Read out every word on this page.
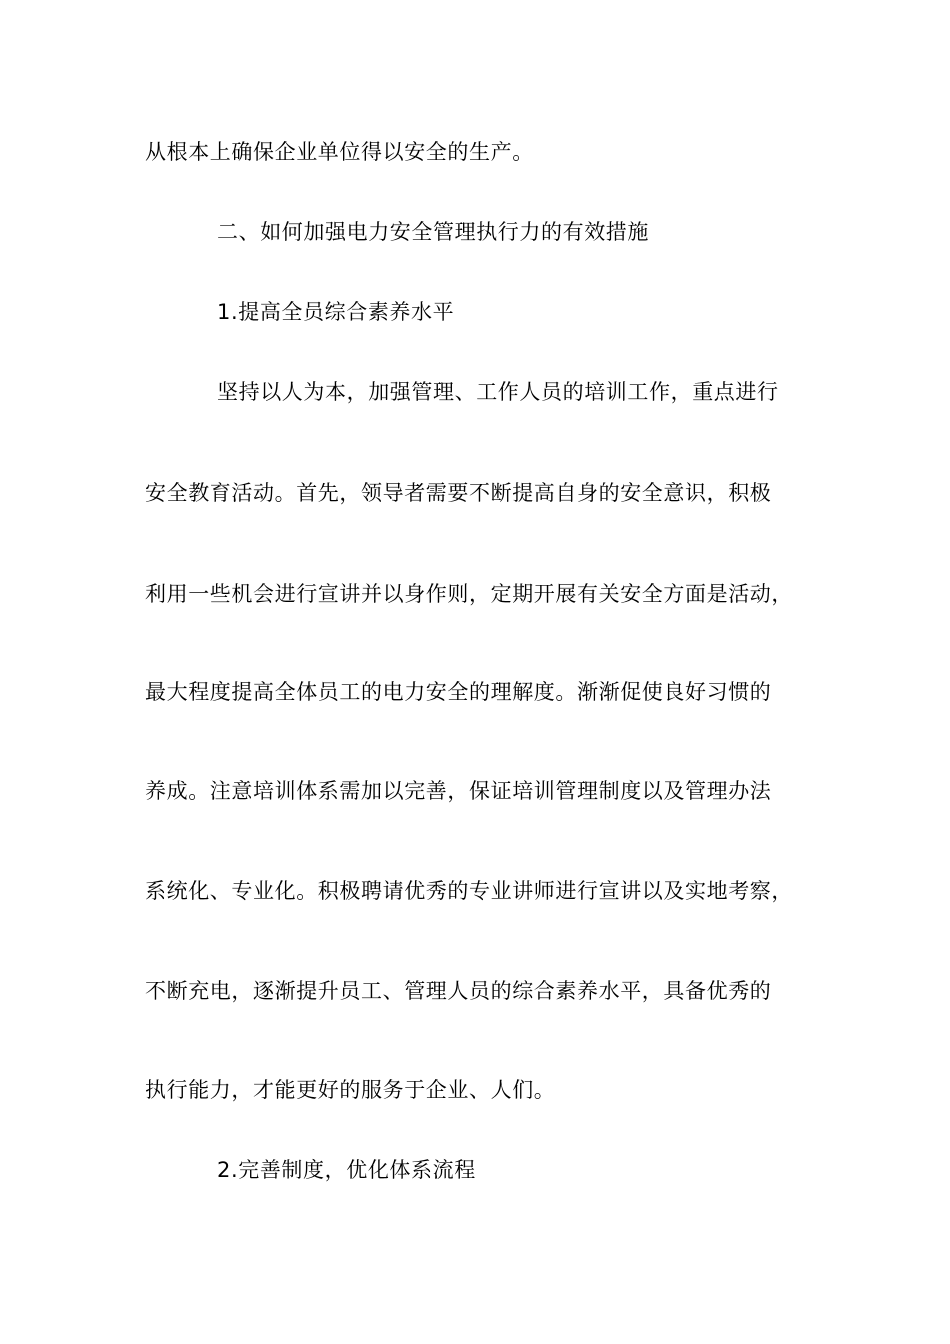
从根本上确保企业单位得以安全的生产。
二、如何加强电力安全管理执行力的有效措施
1.提高全员综合素养水平
坚持以人为本，加强管理、工作人员的培训工作，重点进行
安全教育活动。首先，领导者需要不断提高自身的安全意识，积极
利用一些机会进行宣讲并以身作则，定期开展有关安全方面是活动，
最大程度提高全体员工的电力安全的理解度。渐渐促使良好习惯的
养成。注意培训体系需加以完善，保证培训管理制度以及管理办法
系统化、专业化。积极聘请优秀的专业讲师进行宣讲以及实地考察，
不断充电，逐渐提升员工、管理人员的综合素养水平，具备优秀的
执行能力，才能更好的服务于企业、人们。
2.完善制度，优化体系流程
